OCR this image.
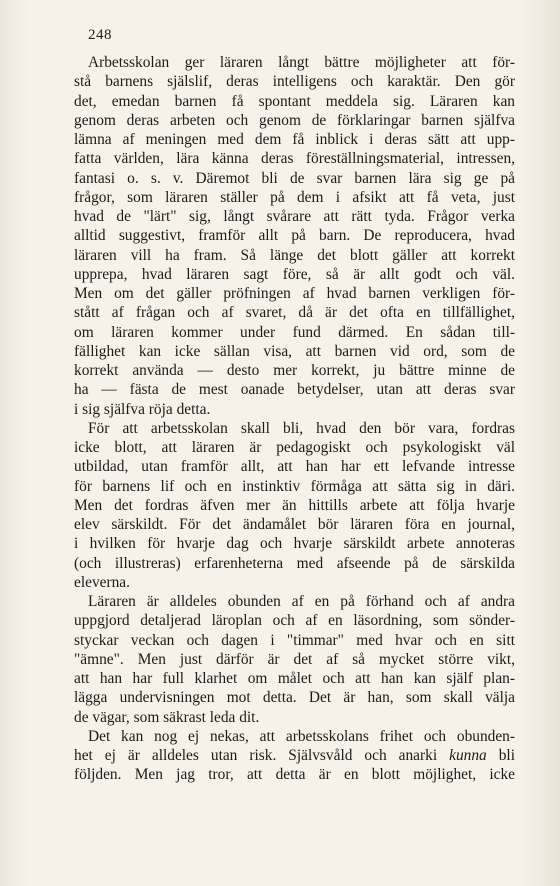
248
Arbetsskolan ger läraren långt bättre möjligheter att för-
stå barnens själslif, deras intelligens och karaktär. Den gör
det, emedan barnen få spontant meddela sig. Läraren kan
genom deras arbeten och genom de förklaringar barnen själfva
lämna af meningen med dem få inblick i deras sätt att upp-
fatta världen, lära känna deras föreställningsmaterial, intressen,
fantasi o. s. v. Däremot bli de svar barnen lära sig ge på
frågor, som läraren ställer på dem i afsikt att få veta, just
hvad de "lärt" sig, långt svårare att rätt tyda. Frågor verka
alltid suggestivt, framför allt på barn. De reproducera, hvad
läraren vill ha fram. Så länge det blott gäller att korrekt
upprepa, hvad läraren sagt före, så är allt godt och väl.
Men om det gäller pröfningen af hvad barnen verkligen för-
stått af frågan och af svaret, då är det ofta en tillfällighet,
om läraren kommer under fund därmed. En sådan till-
fällighet kan icke sällan visa, att barnen vid ord, som de
korrekt använda — desto mer korrekt, ju bättre minne de
ha — fästa de mest oanade betydelser, utan att deras svar
i sig själfva röja detta.
För att arbetsskolan skall bli, hvad den bör vara, fordras
icke blott, att läraren är pedagogiskt och psykologiskt väl
utbildad, utan framför allt, att han har ett lefvande intresse
för barnens lif och en instinktiv förmåga att sätta sig in däri.
Men det fordras äfven mer än hittills arbete att följa hvarje
elev särskildt. För det ändamålet bör läraren föra en journal,
i hvilken för hvarje dag och hvarje särskildt arbete annoteras
(och illustreras) erfarenheterna med afseende på de särskilda
eleverna.
Läraren är alldeles obunden af en på förhand och af andra
uppgjord detaljerad läroplan och af en läsordning, som sönder-
styckar veckan och dagen i "timmar" med hvar och en sitt
"ämne". Men just därför är det af så mycket större vikt,
att han har full klarhet om målet och att han kan själf plan-
lägga undervisningen mot detta. Det är han, som skall välja
de vägar, som säkrast leda dit.
Det kan nog ej nekas, att arbetsskolans frihet och obunden-
het ej är alldeles utan risk. Självsvåld och anarki kunna bli
följden. Men jag tror, att detta är en blott möjlighet, icke
